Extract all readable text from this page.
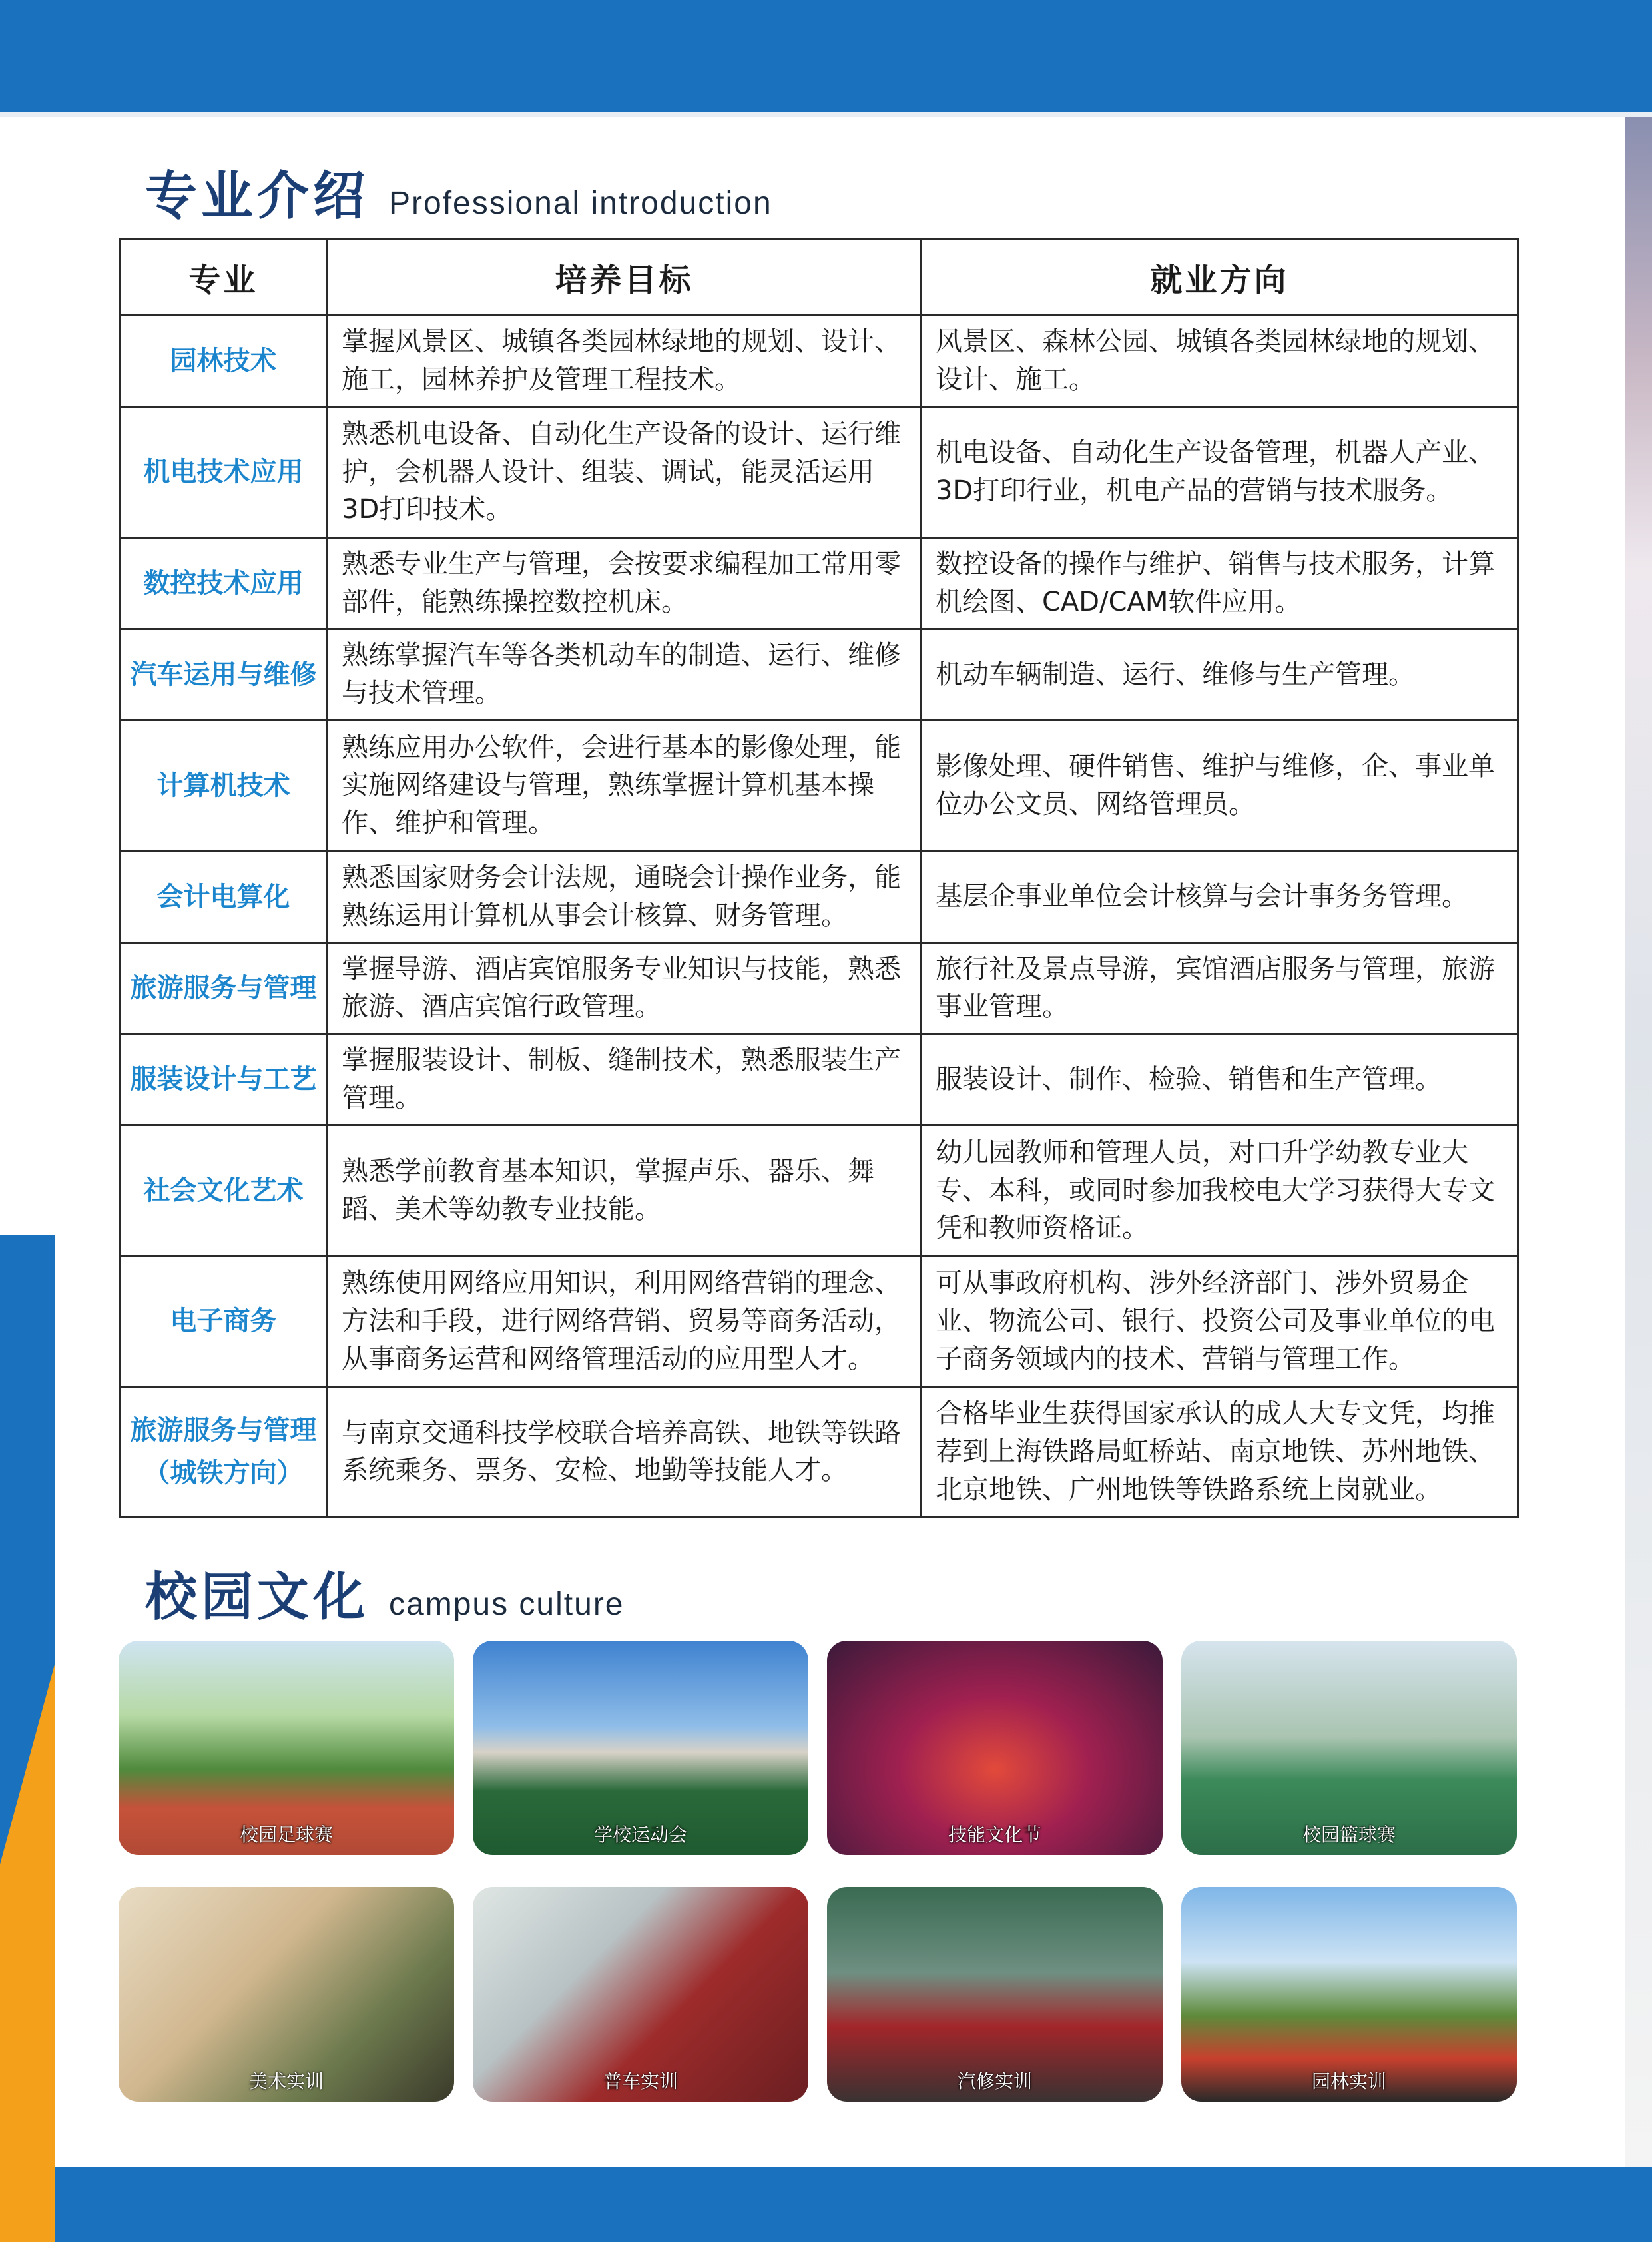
专业介绍 Professional introduction
专业	培养目标	就业方向
园林技术	掌握风景区、城镇各类园林绿地的规划、设计、施工，园林养护及管理工程技术。	风景区、森林公园、城镇各类园林绿地的规划、设计、施工。
机电技术应用	熟悉机电设备、自动化生产设备的设计、运行维护，会机器人设计、组装、调试，能灵活运用3D打印技术。	机电设备、自动化生产设备管理，机器人产业、3D打印行业，机电产品的营销与技术服务。
数控技术应用	熟悉专业生产与管理，会按要求编程加工常用零部件，能熟练操控数控机床。	数控设备的操作与维护、销售与技术服务，计算机绘图、CAD/CAM软件应用。
汽车运用与维修	熟练掌握汽车等各类机动车的制造、运行、维修与技术管理。	机动车辆制造、运行、维修与生产管理。
计算机技术	熟练应用办公软件，会进行基本的影像处理，能实施网络建设与管理，熟练掌握计算机基本操作、维护和管理。	影像处理、硬件销售、维护与维修，企、事业单位办公文员、网络管理员。
会计电算化	熟悉国家财务会计法规，通晓会计操作业务，能熟练运用计算机从事会计核算、财务管理。	基层企事业单位会计核算与会计事务务管理。
旅游服务与管理	掌握导游、酒店宾馆服务专业知识与技能，熟悉旅游、酒店宾馆行政管理。	旅行社及景点导游，宾馆酒店服务与管理，旅游事业管理。
服装设计与工艺	掌握服装设计、制板、缝制技术，熟悉服装生产管理。	服装设计、制作、检验、销售和生产管理。
社会文化艺术	熟悉学前教育基本知识，掌握声乐、器乐、舞蹈、美术等幼教专业技能。	幼儿园教师和管理人员，对口升学幼教专业大专、本科，或同时参加我校电大学习获得大专文凭和教师资格证。
电子商务	熟练使用网络应用知识，利用网络营销的理念、方法和手段，进行网络营销、贸易等商务活动，从事商务运营和网络管理活动的应用型人才。	可从事政府机构、涉外经济部门、涉外贸易企业、物流公司、银行、投资公司及事业单位的电子商务领域内的技术、营销与管理工作。
旅游服务与管理
（城铁方向）	与南京交通科技学校联合培养高铁、地铁等铁路系统乘务、票务、安检、地勤等技能人才。	合格毕业生获得国家承认的成人大专文凭，均推荐到上海铁路局虹桥站、南京地铁、苏州地铁、北京地铁、广州地铁等铁路系统上岗就业。
校园文化 campus culture
校园足球赛	学校运动会	技能文化节	校园篮球赛
美术实训	普车实训	汽修实训	园林实训
